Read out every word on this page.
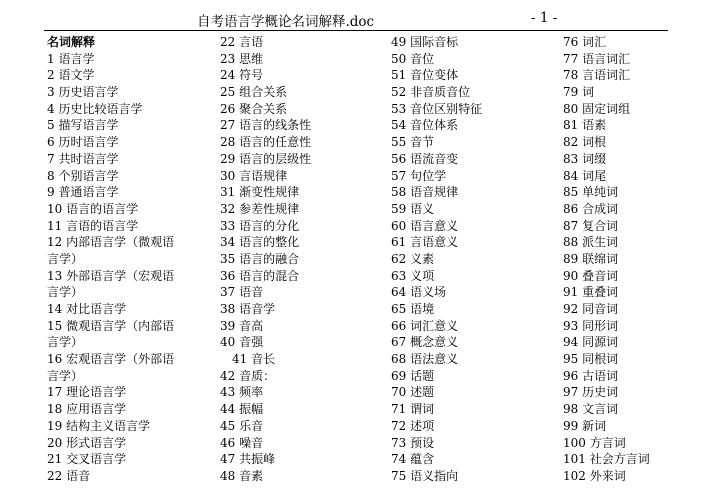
自考语言学概论名词解释.doc	- 1 -
名词解释
1 语言学
2 语文学
3 历史语言学
4 历史比较语言学
5 描写语言学
6 历时语言学
7 共时语言学
8 个别语言学
9 普通语言学
10 语言的语言学
11 言语的语言学
12 内部语言学（微观语
言学）
13 外部语言学（宏观语
言学）
14 对比语言学
15 微观语言学（内部语
言学）
16 宏观语言学（外部语
言学）
17 理论语言学
18 应用语言学
19 结构主义语言学
20 形式语言学
21 交叉语言学
22 语音
22 言语
23 思维
24 符号
25 组合关系
26 聚合关系
27 语言的线条性
28 语言的任意性
29 语言的层级性
30 言语规律
31 渐变性规律
32 参差性规律
33 语言的分化
34 语言的整化
35 语言的融合
36 语言的混合
37 语音
38 语音学
39 音高
40 音强
41 音长
42 音质：
43 频率
44 振幅
45 乐音
46 噪音
47 共振峰
48 音素
49 国际音标
50 音位
51 音位变体
52 非音质音位
53 音位区别特征
54 音位体系
55 音节
56 语流音变
57 句位学
58 语音规律
59 语义
60 语言意义
61 言语意义
62 义素
63 义项
64 语义场
65 语境
66 词汇意义
67 概念意义
68 语法意义
69 话题
70 述题
71 谓词
72 述项
73 预设
74 蕴含
75 语义指向
76 词汇
77 语言词汇
78 言语词汇
79 词
80 固定词组
81 语素
82 词根
83 词缀
84 词尾
85 单纯词
86 合成词
87 复合词
88 派生词
89 联绵词
90 叠音词
91 重叠词
92 同音词
93 同形词
94 同源词
95 同根词
96 古语词
97 历史词
98 文言词
99 新词
100 方言词
101 社会方言词
102 外来词
